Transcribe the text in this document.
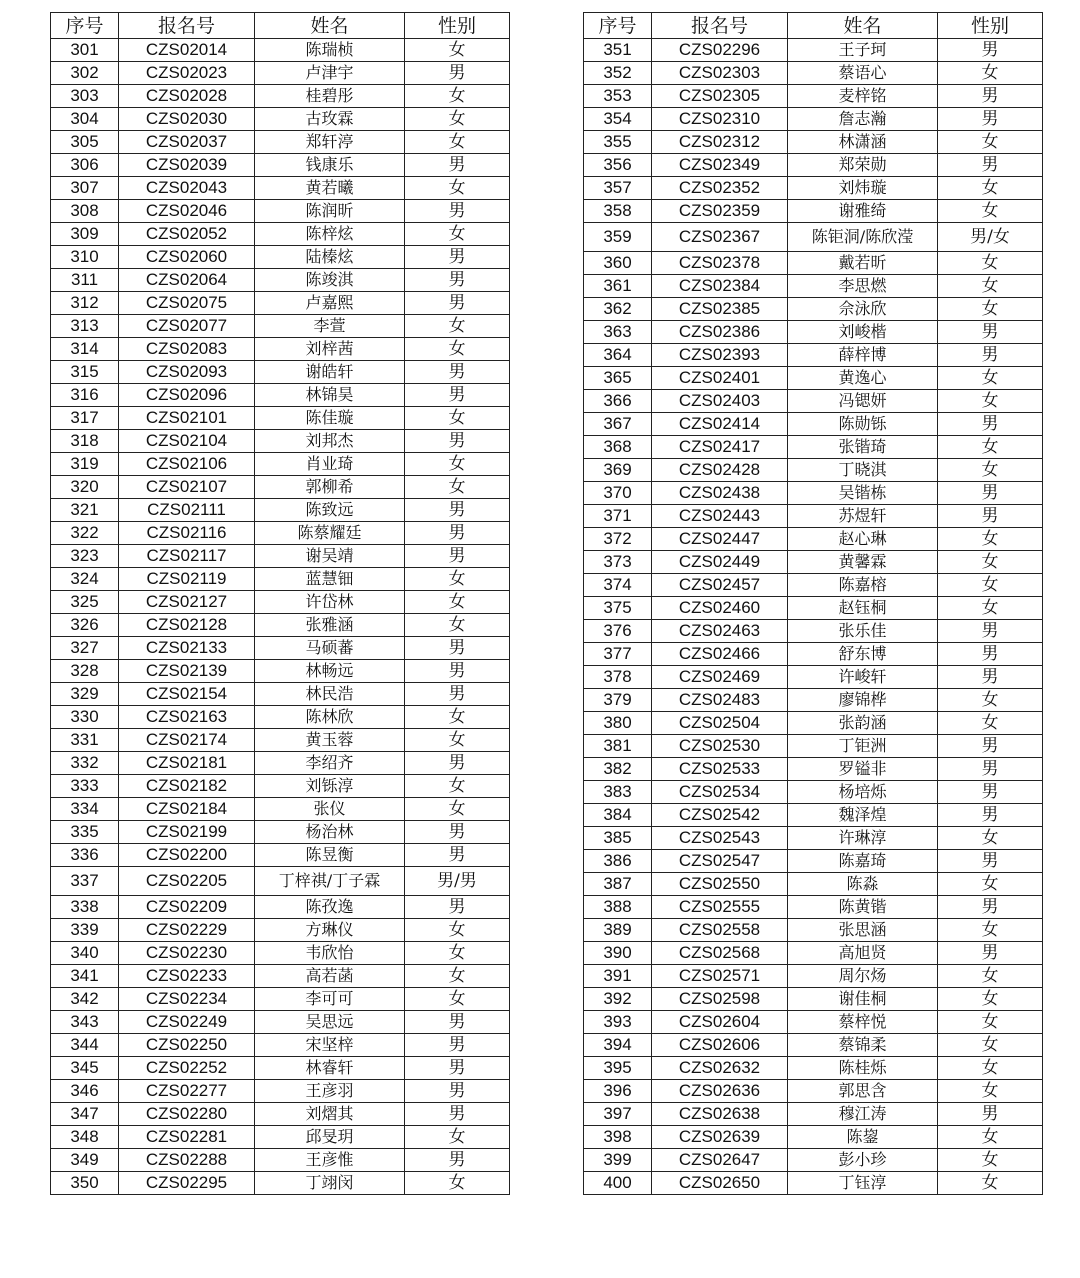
序号	报名号	姓名	性别
301	CZS02014	陈瑞桢	女
302	CZS02023	卢津宇	男
303	CZS02028	桂碧彤	女
304	CZS02030	古玫霖	女
305	CZS02037	郑轩渟	女
306	CZS02039	钱康乐	男
307	CZS02043	黄若曦	女
308	CZS02046	陈润昕	男
309	CZS02052	陈梓炫	女
310	CZS02060	陆榛炫	男
311	CZS02064	陈竣淇	男
312	CZS02075	卢嘉熙	男
313	CZS02077	李萱	女
314	CZS02083	刘梓茜	女
315	CZS02093	谢皓轩	男
316	CZS02096	林锦昊	男
317	CZS02101	陈佳璇	女
318	CZS02104	刘邦杰	男
319	CZS02106	肖业琦	女
320	CZS02107	郭柳希	女
321	CZS02111	陈致远	男
322	CZS02116	陈蔡耀廷	男
323	CZS02117	谢吴靖	男
324	CZS02119	蓝慧钿	女
325	CZS02127	许岱林	女
326	CZS02128	张雅涵	女
327	CZS02133	马硕蕃	男
328	CZS02139	林畅远	男
329	CZS02154	林民浩	男
330	CZS02163	陈林欣	女
331	CZS02174	黄玉蓉	女
332	CZS02181	李绍齐	男
333	CZS02182	刘铄淳	女
334	CZS02184	张仪	女
335	CZS02199	杨治林	男
336	CZS02200	陈昱衡	男
337	CZS02205	丁梓祺/丁子霖	男/男
338	CZS02209	陈孜逸	男
339	CZS02229	方琳仪	女
340	CZS02230	韦欣怡	女
341	CZS02233	高若菡	女
342	CZS02234	李可可	女
343	CZS02249	吴思远	男
344	CZS02250	宋坚梓	男
345	CZS02252	林睿轩	男
346	CZS02277	王彦羽	男
347	CZS02280	刘熠其	男
348	CZS02281	邱旻玥	女
349	CZS02288	王彦惟	男
350	CZS02295	丁翊闵	女
序号	报名号	姓名	性别
351	CZS02296	王子珂	男
352	CZS02303	蔡语心	女
353	CZS02305	麦梓铭	男
354	CZS02310	詹志瀚	男
355	CZS02312	林潇涵	女
356	CZS02349	郑荣勋	男
357	CZS02352	刘炜璇	女
358	CZS02359	谢雅绮	女
359	CZS02367	陈钜洞/陈欣滢	男/女
360	CZS02378	戴若昕	女
361	CZS02384	李思燃	女
362	CZS02385	佘泳欣	女
363	CZS02386	刘峻楷	男
364	CZS02393	薛梓博	男
365	CZS02401	黄逸心	女
366	CZS02403	冯锶妍	女
367	CZS02414	陈勋铄	男
368	CZS02417	张锴琦	女
369	CZS02428	丁晓淇	女
370	CZS02438	吴锴栋	男
371	CZS02443	苏煜轩	男
372	CZS02447	赵心琳	女
373	CZS02449	黄馨霖	女
374	CZS02457	陈嘉榕	女
375	CZS02460	赵钰桐	女
376	CZS02463	张乐佳	男
377	CZS02466	舒东博	男
378	CZS02469	许峻轩	男
379	CZS02483	廖锦桦	女
380	CZS02504	张韵涵	女
381	CZS02530	丁钜洲	男
382	CZS02533	罗镒非	男
383	CZS02534	杨培烁	男
384	CZS02542	魏泽煌	男
385	CZS02543	许琳淳	女
386	CZS02547	陈嘉琦	男
387	CZS02550	陈淼	女
388	CZS02555	陈黄锴	男
389	CZS02558	张思涵	女
390	CZS02568	高旭贤	男
391	CZS02571	周尔炀	女
392	CZS02598	谢佳桐	女
393	CZS02604	蔡梓悦	女
394	CZS02606	蔡锦柔	女
395	CZS02632	陈桂烁	女
396	CZS02636	郭思含	女
397	CZS02638	穆江涛	男
398	CZS02639	陈鋆	女
399	CZS02647	彭小珍	女
400	CZS02650	丁钰淳	女
